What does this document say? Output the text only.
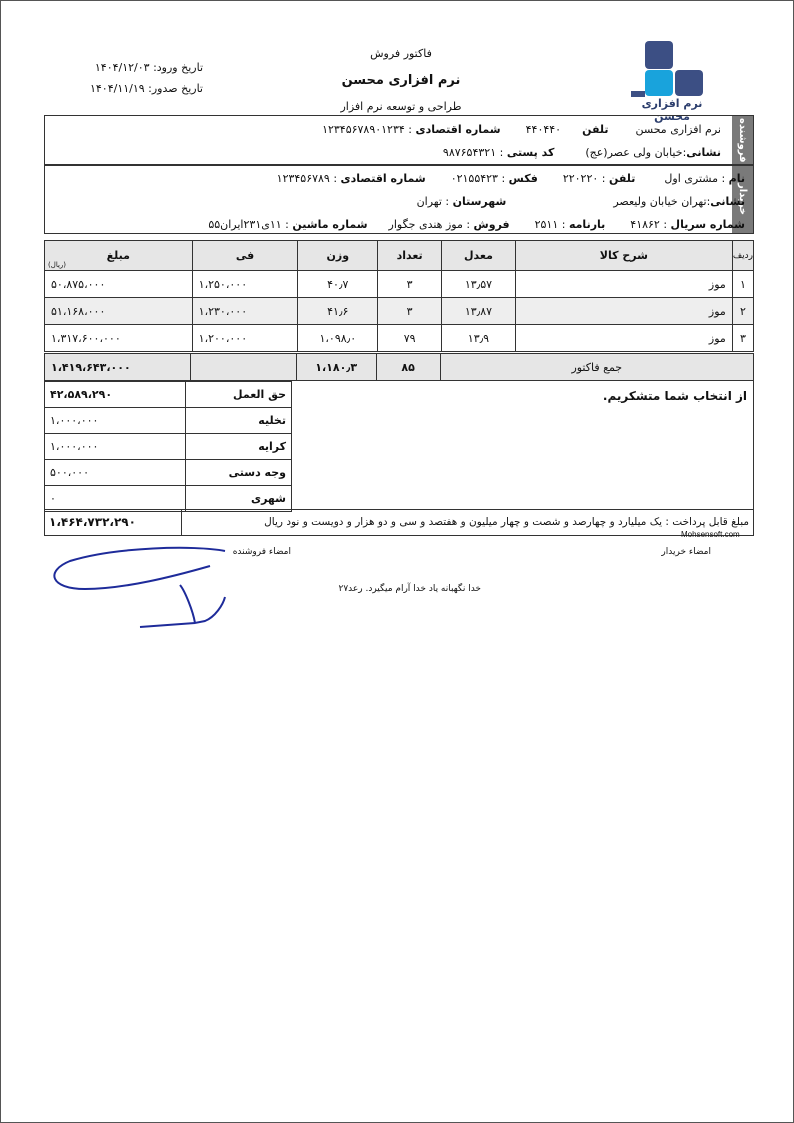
تاریخ ورود: ۱۴۰۴/۱۲/۰۳
تاریخ صدور: ۱۴۰۴/۱۱/۱۹
فاکتور فروش
نرم افزاری محسن
طراحی و توسعه نرم افزار	نرم افزاری محسن
فروشنده
نرم افزاری محسن  تلفن  ۴۴۰۴۴۰  شماره اقتصادی : ۱۲۳۴۵۶۷۸۹۰۱۲۳۴
نشانی:خیابان ولی عصر(عج)  کد پستی : ۹۸۷۶۵۴۳۲۱
خریدار
نام : مشتری اول  تلفن : ۲۲۰۲۲۰  فکس : ۰۲۱۵۵۴۲۳  شماره اقتصادی : ۱۲۳۴۵۶۷۸۹
نشانی:تهران خیابان ولیعصر  شهرستان : تهران
شماره سریال : ۴۱۸۶۲  بارنامه : ۲۵۱۱  فروش : موز هندی جگوار  شماره ماشین : ۱۱ی۲۳۱ایران۵۵
ردیف	شرح کالا	معدل	تعداد	وزن	فی	مبلغ
(ریال)

۱	موز	۱۳٫۵۷	۳	۴۰٫۷	۱،۲۵۰،۰۰۰	۵۰،۸۷۵،۰۰۰
۲	موز	۱۳٫۸۷	۳	۴۱٫۶	۱،۲۳۰،۰۰۰	۵۱،۱۶۸،۰۰۰
۳	موز	۱۳٫۹	۷۹	۱،۰۹۸٫۰	۱،۲۰۰،۰۰۰	۱،۳۱۷،۶۰۰،۰۰۰
جمع فاکتور	۸۵	۱،۱۸۰٫۳		۱،۴۱۹،۶۴۳،۰۰۰
از انتخاب شما متشکریم.
حق العمل	۴۲،۵۸۹،۲۹۰
تخلیه	۱،۰۰۰،۰۰۰
کرایه	۱،۰۰۰،۰۰۰
وجه دستی	۵۰۰،۰۰۰
شهری	۰
مبلغ قابل پرداخت : یک میلیارد و چهارصد و شصت و چهار میلیون و هفتصد و سی و دو هزار و دویست و نود ریال
۱،۴۶۴،۷۳۲،۲۹۰
Mohsensoft.com
امضاء خریدار
امضاء فروشنده
خدا نگهبانه یاد خدا آرام میگیرد. رعد۲۷
